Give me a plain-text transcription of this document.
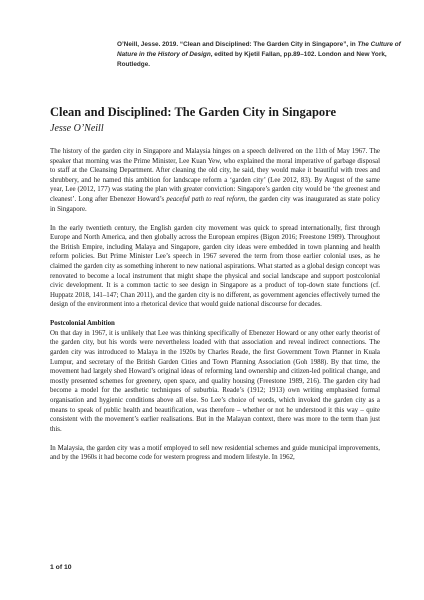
O’Neill, Jesse. 2019. “Clean and Disciplined: The Garden City in Singapore”, in The Culture of Nature in the History of Design, edited by Kjetil Fallan, pp.89–102. London and New York, Routledge.
Clean and Disciplined: The Garden City in Singapore
Jesse O’Neill

The history of the garden city in Singapore and Malaysia hinges on a speech delivered on the 11th of May 1967. The speaker that morning was the Prime Minister, Lee Kuan Yew, who explained the moral imperative of garbage disposal to staff at the Cleansing Department. After cleaning the old city, he said, they would make it beautiful with trees and shrubbery, and he named this ambition for landscape reform a ‘garden city’ (Lee 2012, 83). By August of the same year, Lee (2012, 177) was stating the plan with greater conviction: Singapore’s garden city would be ‘the greenest and cleanest’. Long after Ebenezer Howard’s peaceful path to real reform, the garden city was inaugurated as state policy in Singapore.

In the early twentieth century, the English garden city movement was quick to spread internationally, first through Europe and North America, and then globally across the European empires (Bigon 2016; Freestone 1989). Throughout the British Empire, including Malaya and Singapore, garden city ideas were embedded in town planning and health reform policies. But Prime Minister Lee’s speech in 1967 severed the term from those earlier colonial uses, as he claimed the garden city as something inherent to new national aspirations. What started as a global design concept was renovated to become a local instrument that might shape the physical and social landscape and support postcolonial civic development. It is a common tactic to see design in Singapore as a product of top-down state functions (cf. Huppatz 2018, 141–147; Chan 2011), and the garden city is no different, as government agencies effectively turned the design of the environment into a rhetorical device that would guide national discourse for decades.

Postcolonial Ambition
On that day in 1967, it is unlikely that Lee was thinking specifically of Ebenezer Howard or any other early theorist of the garden city, but his words were nevertheless loaded with that association and reveal indirect connections. The garden city was introduced to Malaya in the 1920s by Charles Reade, the first Government Town Planner in Kuala Lumpur, and secretary of the British Garden Cities and Town Planning Association (Goh 1988). By that time, the movement had largely shed Howard’s original ideas of reforming land ownership and citizen-led political change, and mostly presented schemes for greenery, open space, and quality housing (Freestone 1989, 216). The garden city had become a model for the aesthetic techniques of suburbia. Reade’s (1912; 1913) own writing emphasised formal organisation and hygienic conditions above all else. So Lee’s choice of words, which invoked the garden city as a means to speak of public health and beautification, was therefore – whether or not he understood it this way – quite consistent with the movement’s earlier realisations. But in the Malayan context, there was more to the term than just this.

In Malaysia, the garden city was a motif employed to sell new residential schemes and guide municipal improvements, and by the 1960s it had become code for western progress and modern lifestyle. In 1962,

1 of 10
